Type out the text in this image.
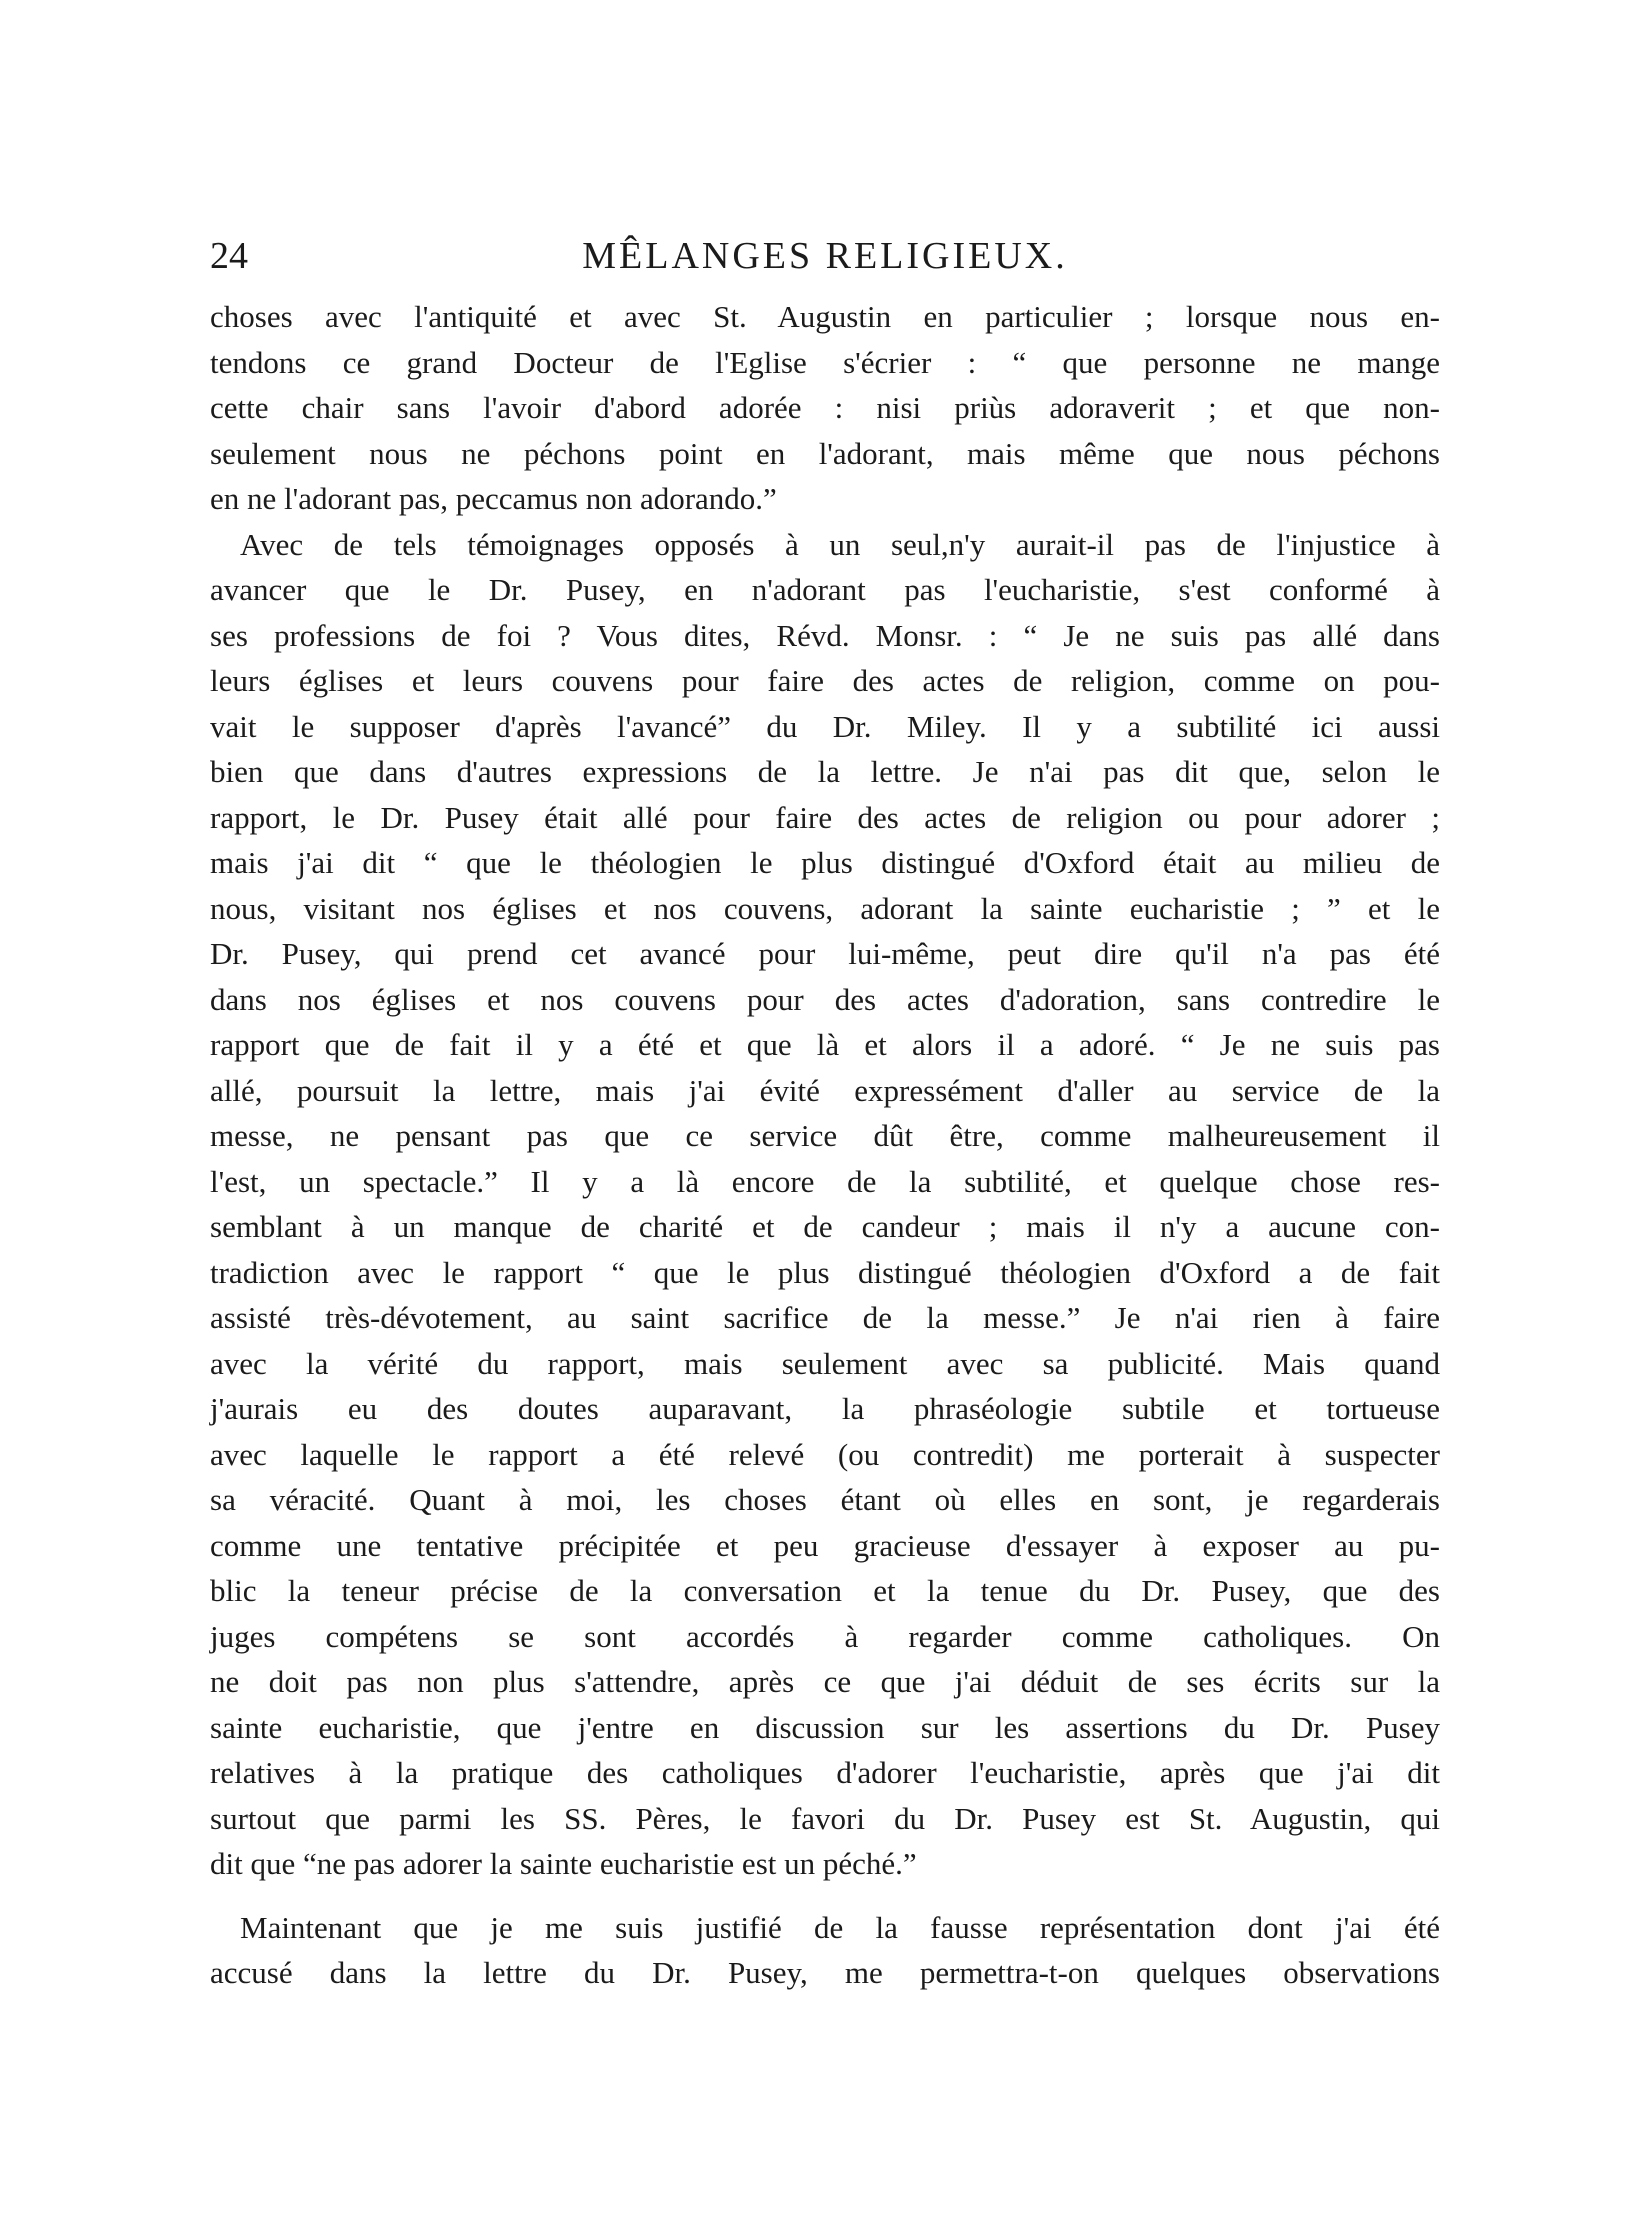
24	MÊLANGES RELIGIEUX.
choses avec l'antiquité et avec St. Augustin en particulier ; lorsque nous en-
tendons ce grand Docteur de l'Eglise s'écrier : “ que personne ne mange
cette chair sans l'avoir d'abord adorée : nisi priùs adoraverit ; et que non-
seulement nous ne péchons point en l'adorant, mais même que nous péchons
en ne l'adorant pas, peccamus non adorando.”
Avec de tels témoignages opposés à un seul,n'y aurait-il pas de l'injustice à
avancer que le Dr. Pusey, en n'adorant pas l'eucharistie, s'est conformé à
ses professions de foi ? Vous dites, Révd. Monsr. : “ Je ne suis pas allé dans
leurs églises et leurs couvens pour faire des actes de religion, comme on pou-
vait le supposer d'après l'avancé” du Dr. Miley. Il y a subtilité ici aussi
bien que dans d'autres expressions de la lettre. Je n'ai pas dit que, selon le
rapport, le Dr. Pusey était allé pour faire des actes de religion ou pour adorer ;
mais j'ai dit “ que le théologien le plus distingué d'Oxford était au milieu de
nous, visitant nos églises et nos couvens, adorant la sainte eucharistie ; ” et le
Dr. Pusey, qui prend cet avancé pour lui-même, peut dire qu'il n'a pas été
dans nos églises et nos couvens pour des actes d'adoration, sans contredire le
rapport que de fait il y a été et que là et alors il a adoré. “ Je ne suis pas
allé, poursuit la lettre, mais j'ai évité expressément d'aller au service de la
messe, ne pensant pas que ce service dût être, comme malheureusement il
l'est, un spectacle.” Il y a là encore de la subtilité, et quelque chose res-
semblant à un manque de charité et de candeur ; mais il n'y a aucune con-
tradiction avec le rapport “ que le plus distingué théologien d'Oxford a de fait
assisté très-dévotement, au saint sacrifice de la messe.” Je n'ai rien à faire
avec la vérité du rapport, mais seulement avec sa publicité. Mais quand
j'aurais eu des doutes auparavant, la phraséologie subtile et tortueuse
avec laquelle le rapport a été relevé (ou contredit) me porterait à suspecter
sa véracité. Quant à moi, les choses étant où elles en sont, je regarderais
comme une tentative précipitée et peu gracieuse d'essayer à exposer au pu-
blic la teneur précise de la conversation et la tenue du Dr. Pusey, que des
juges compétens se sont accordés à regarder comme catholiques. On
ne doit pas non plus s'attendre, après ce que j'ai déduit de ses écrits sur la
sainte eucharistie, que j'entre en discussion sur les assertions du Dr. Pusey
relatives à la pratique des catholiques d'adorer l'eucharistie, après que j'ai dit
surtout que parmi les SS. Pères, le favori du Dr. Pusey est St. Augustin, qui
dit que “ne pas adorer la sainte eucharistie est un péché.”
Maintenant que je me suis justifié de la fausse représentation dont j'ai été
accusé dans la lettre du Dr. Pusey, me permettra-t-on quelques observations
